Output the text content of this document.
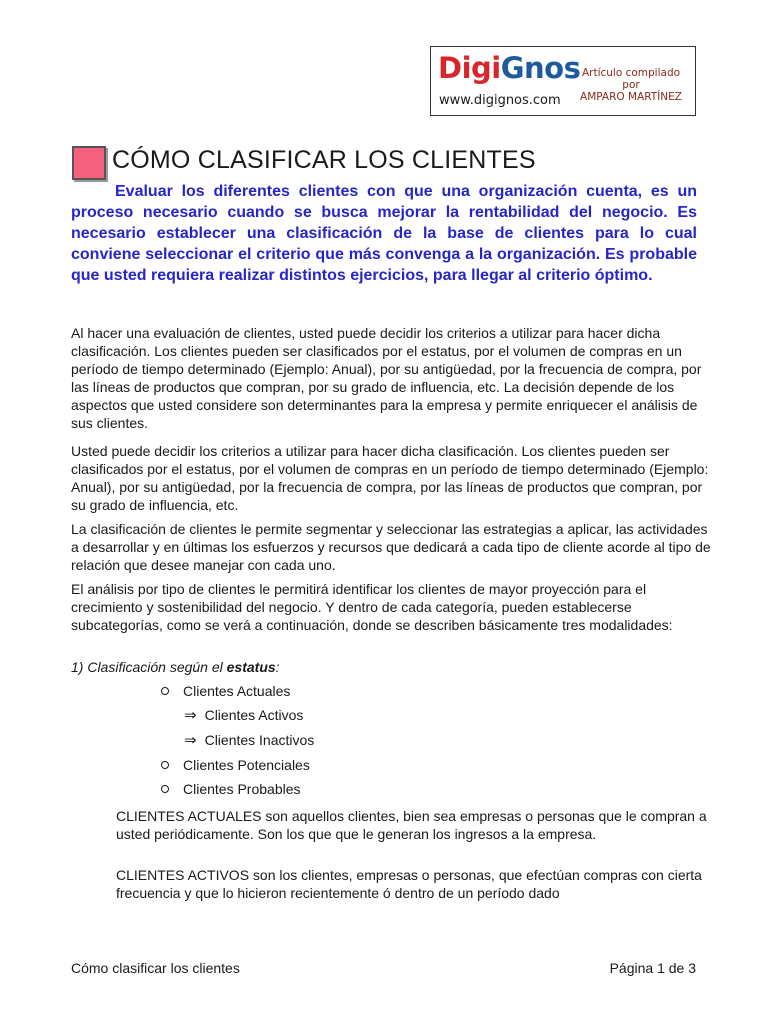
DigiGnos
www.digignos.com
Artículo compilado
por
AMPARO MARTÍNEZ
CÓMO CLASIFICAR LOS CLIENTES

Evaluar los diferentes clientes con que una organización cuenta, es un proceso necesario cuando se busca mejorar la rentabilidad del negocio. Es necesario establecer una clasificación de la base de clientes para lo cual conviene seleccionar el criterio que más convenga a la organización. Es probable que usted requiera realizar distintos ejercicios, para llegar al criterio óptimo.

Al hacer una evaluación de clientes, usted puede decidir los criterios a utilizar para hacer dicha clasificación. Los clientes pueden ser clasificados por el estatus, por el volumen de compras en un período de tiempo determinado (Ejemplo: Anual), por su antigüedad, por la frecuencia de compra, por las líneas de productos que compran, por su grado de influencia, etc. La decisión depende de los aspectos que usted considere son determinantes para la empresa y permite enriquecer el análisis de sus clientes.

Usted puede decidir los criterios a utilizar para hacer dicha clasificación. Los clientes pueden ser clasificados por el estatus, por el volumen de compras en un período de tiempo determinado (Ejemplo: Anual), por su antigüedad, por la frecuencia de compra, por las líneas de productos que compran, por su grado de influencia, etc.

La clasificación de clientes le permite segmentar y seleccionar las estrategias a aplicar, las actividades a desarrollar y en últimas los esfuerzos y recursos que dedicará a cada tipo de cliente acorde al tipo de relación que desee manejar con cada uno.

El análisis por tipo de clientes le permitirá identificar los clientes de mayor proyección para el crecimiento y sostenibilidad del negocio. Y dentro de cada categoría, pueden establecerse subcategorías, como se verá a continuación, donde se describen básicamente tres modalidades:

1) Clasificación según el estatus:

Clientes Actuales
⇒ Clientes Activos
⇒ Clientes Inactivos
Clientes Potenciales
Clientes Probables

CLIENTES ACTUALES son aquellos clientes, bien sea empresas o personas que le compran a usted periódicamente. Son los que que le generan los ingresos a la empresa.

CLIENTES ACTIVOS son los clientes, empresas o personas, que efectúan compras con cierta frecuencia y que lo hicieron recientemente ó dentro de un período dado

Cómo clasificar los clientes	Página 1 de 3
